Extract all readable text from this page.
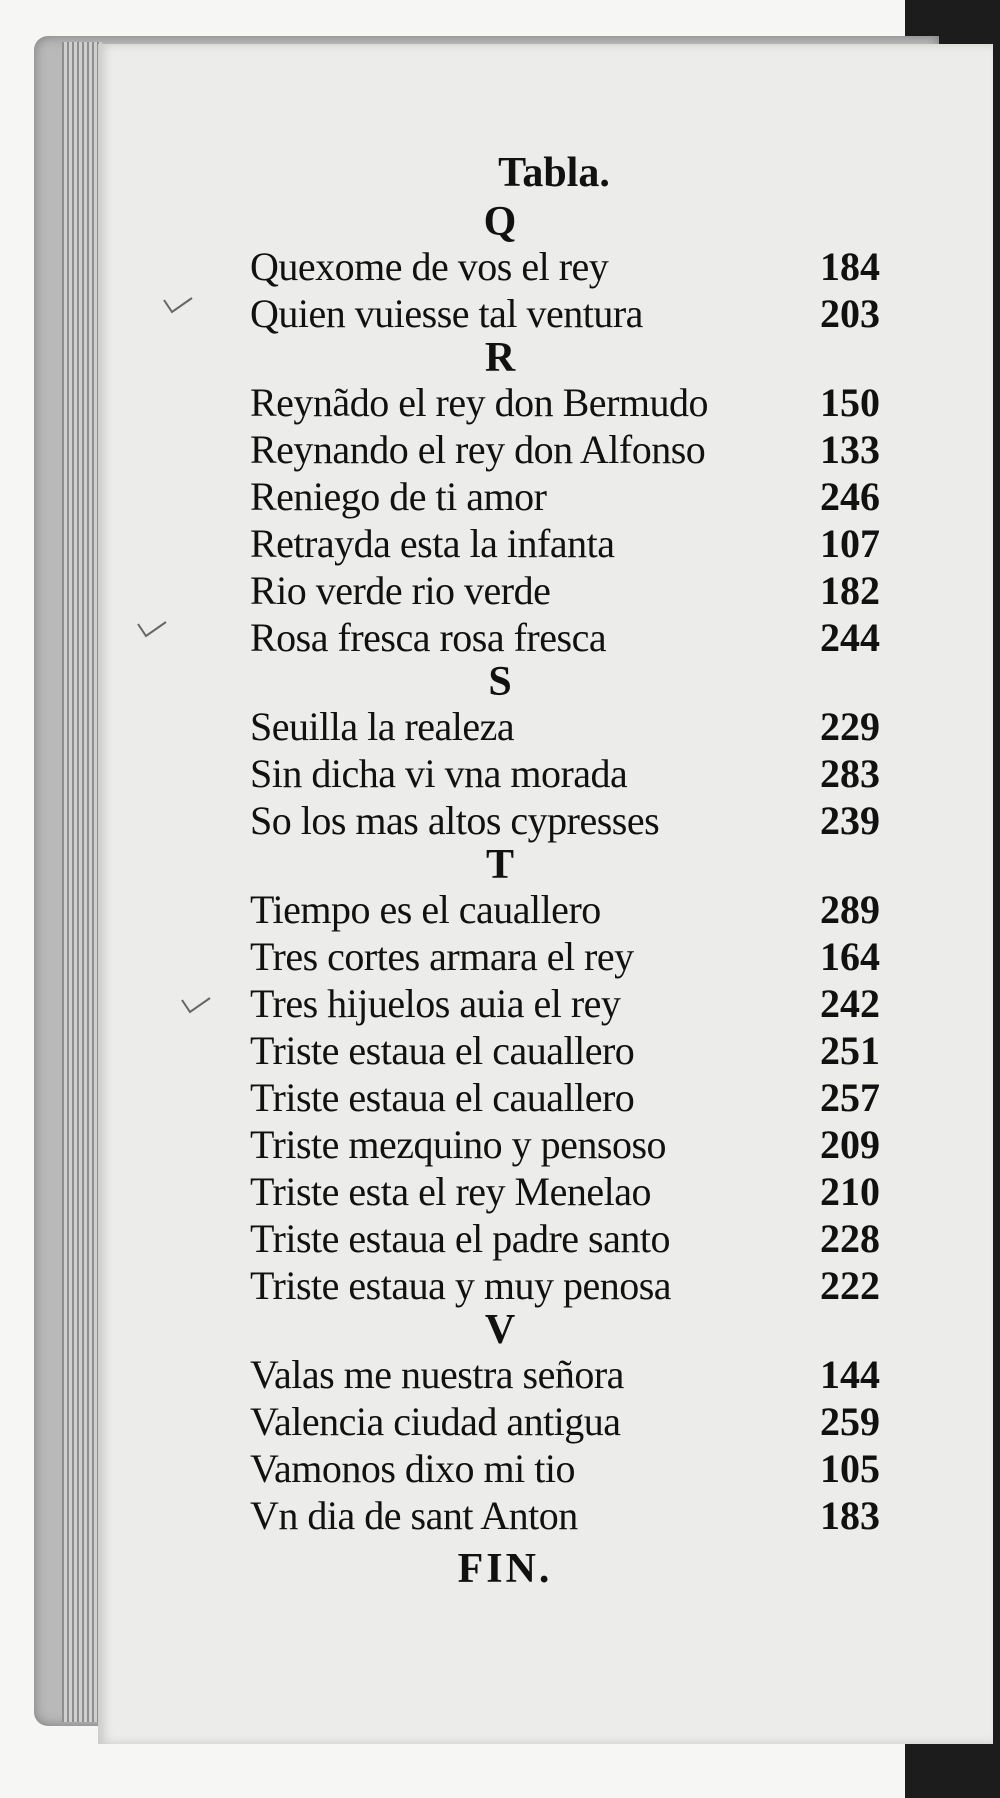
Tabla.
Q
Quexome de vos el rey	184
Quien vuiesse tal ventura	203
R
Reynãdo el rey don Bermudo	150
Reynando el rey don Alfonso	133
Reniego de ti amor	246
Retrayda esta la infanta	107
Rio verde rio verde	182
Rosa fresca rosa fresca	244
S
Seuilla la realeza	229
Sin dicha vi vna morada	283
So los mas altos cypresses	239
T
Tiempo es el cauallero	289
Tres cortes armara el rey	164
Tres hijuelos auia el rey	242
Triste estaua el cauallero	251
Triste estaua el cauallero	257
Triste mezquino y pensoso	209
Triste esta el rey Menelao	210
Triste estaua el padre santo	228
Triste estaua y muy penosa	222
V
Valas me nuestra señora	144
Valencia ciudad antigua	259
Vamonos dixo mi tio	105
Vn dia de sant Anton	183
FIN.
